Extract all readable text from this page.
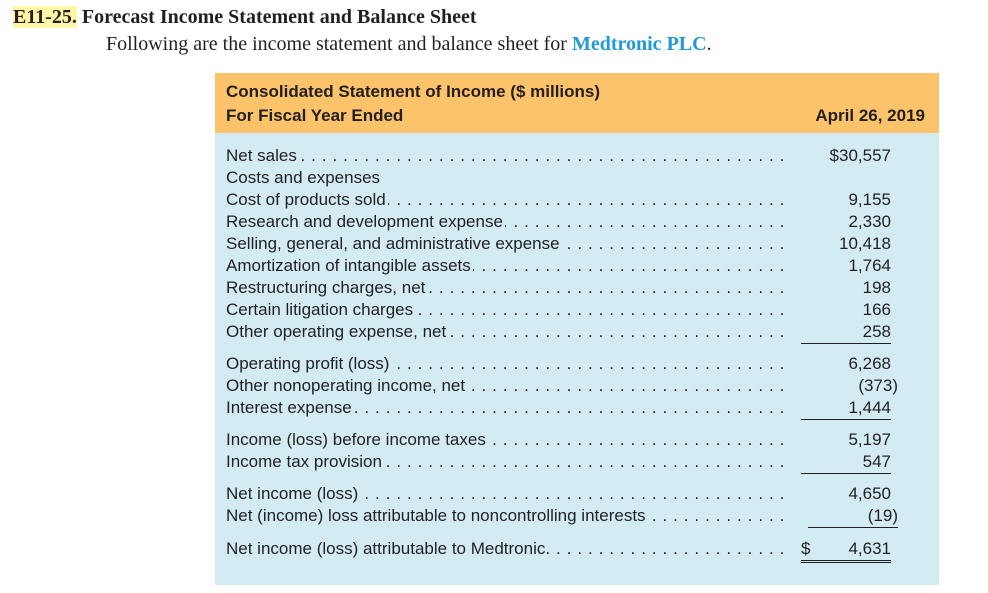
E11-25. Forecast Income Statement and Balance Sheet
Following are the income statement and balance sheet for Medtronic PLC.
Consolidated Statement of Income ($ millions)
For Fiscal Year Ended	April 26, 2019
Net sales . . .	$30,557
Costs and expenses
Cost of products sold . . .	9,155
Research and development expense . . .	2,330
Selling, general, and administrative expense . . .	10,418
Amortization of intangible assets . . .	1,764
Restructuring charges, net . . .	198
Certain litigation charges . . .	166
Other operating expense, net . . .	258
Operating profit (loss) . . .	6,268
Other nonoperating income, net . . .	(373)
Interest expense . . .	1,444
Income (loss) before income taxes . . .	5,197
Income tax provision . . .	547
Net income (loss) . . .	4,650
Net (income) loss attributable to noncontrolling interests . . .	(19)
Net income (loss) attributable to Medtronic . . .	$ 4,631
